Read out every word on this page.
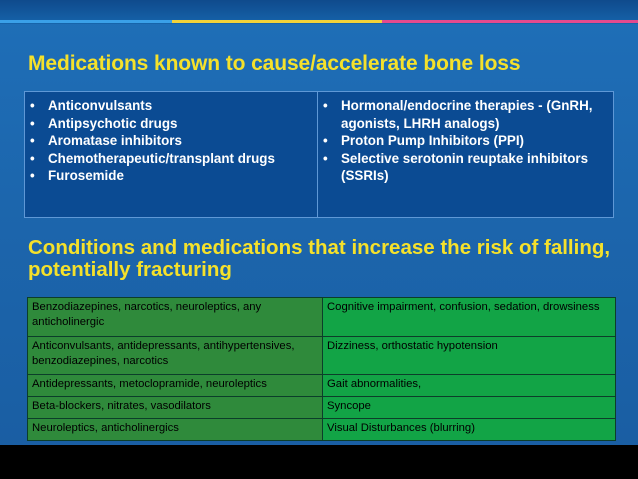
Medications known to cause/accelerate bone loss
• Anticonvulsants
• Antipsychotic drugs
• Aromatase inhibitors
• Chemotherapeutic/transplant drugs
• Furosemide
• Hormonal/endocrine therapies - (GnRH, agonists, LHRH analogs)
• Proton Pump Inhibitors (PPI)
• Selective serotonin reuptake inhibitors (SSRIs)
Conditions and medications that increase the risk of falling, potentially fracturing
Benzodiazepines, narcotics, neuroleptics, any anticholinergic	Cognitive impairment, confusion, sedation, drowsiness
Anticonvulsants, antidepressants, antihypertensives, benzodiazepines, narcotics	Dizziness, orthostatic hypotension
Antidepressants, metoclopramide, neuroleptics	Gait abnormalities,
Beta-blockers, nitrates, vasodilators	Syncope
Neuroleptics, anticholinergics	Visual Disturbances (blurring)
